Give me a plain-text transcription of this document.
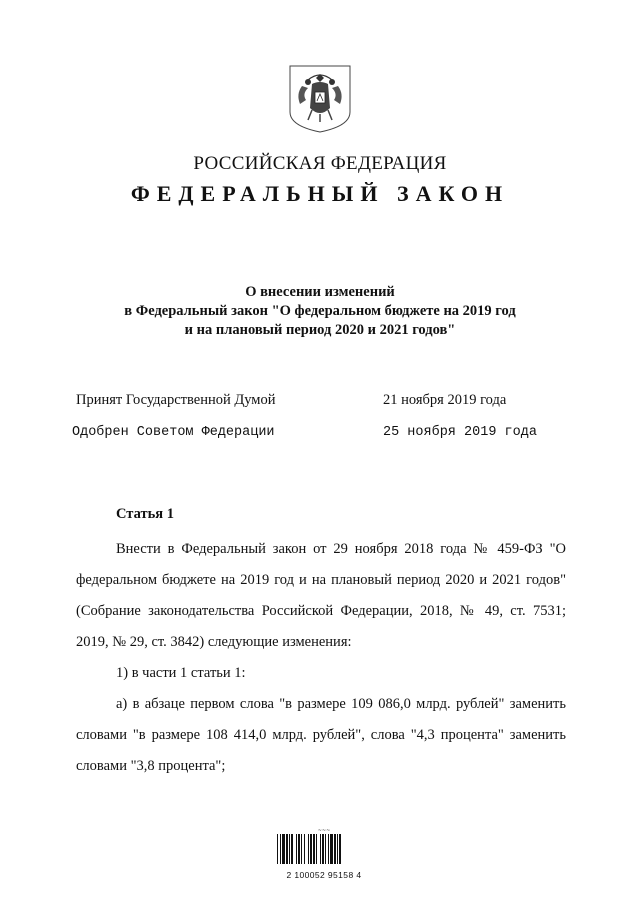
РОССИЙСКАЯ ФЕДЕРАЦИЯ
ФЕДЕРАЛЬНЫЙ ЗАКОН
О внесении изменений
в Федеральный закон "О федеральном бюджете на 2019 год
и на плановый период 2020 и 2021 годов"
Принят Государственной Думой	21 ноября 2019 года
Одобрен Советом Федерации	25 ноября 2019 года
Статья 1
Внести в Федеральный закон от 29 ноября 2018 года № 459-ФЗ "О федеральном бюджете на 2019 год и на плановый период 2020 и 2021 годов" (Собрание законодательства Российской Федерации, 2018, № 49, ст. 7531; 2019, № 29, ст. 3842) следующие изменения:
1) в части 1 статьи 1:
а) в абзаце первом слова "в размере 109 086,0 млрд. рублей" заменить словами "в размере 108 414,0 млрд. рублей", слова "4,3 процента" заменить словами "3,8 процента";
~~~
2 100052 95158 4
